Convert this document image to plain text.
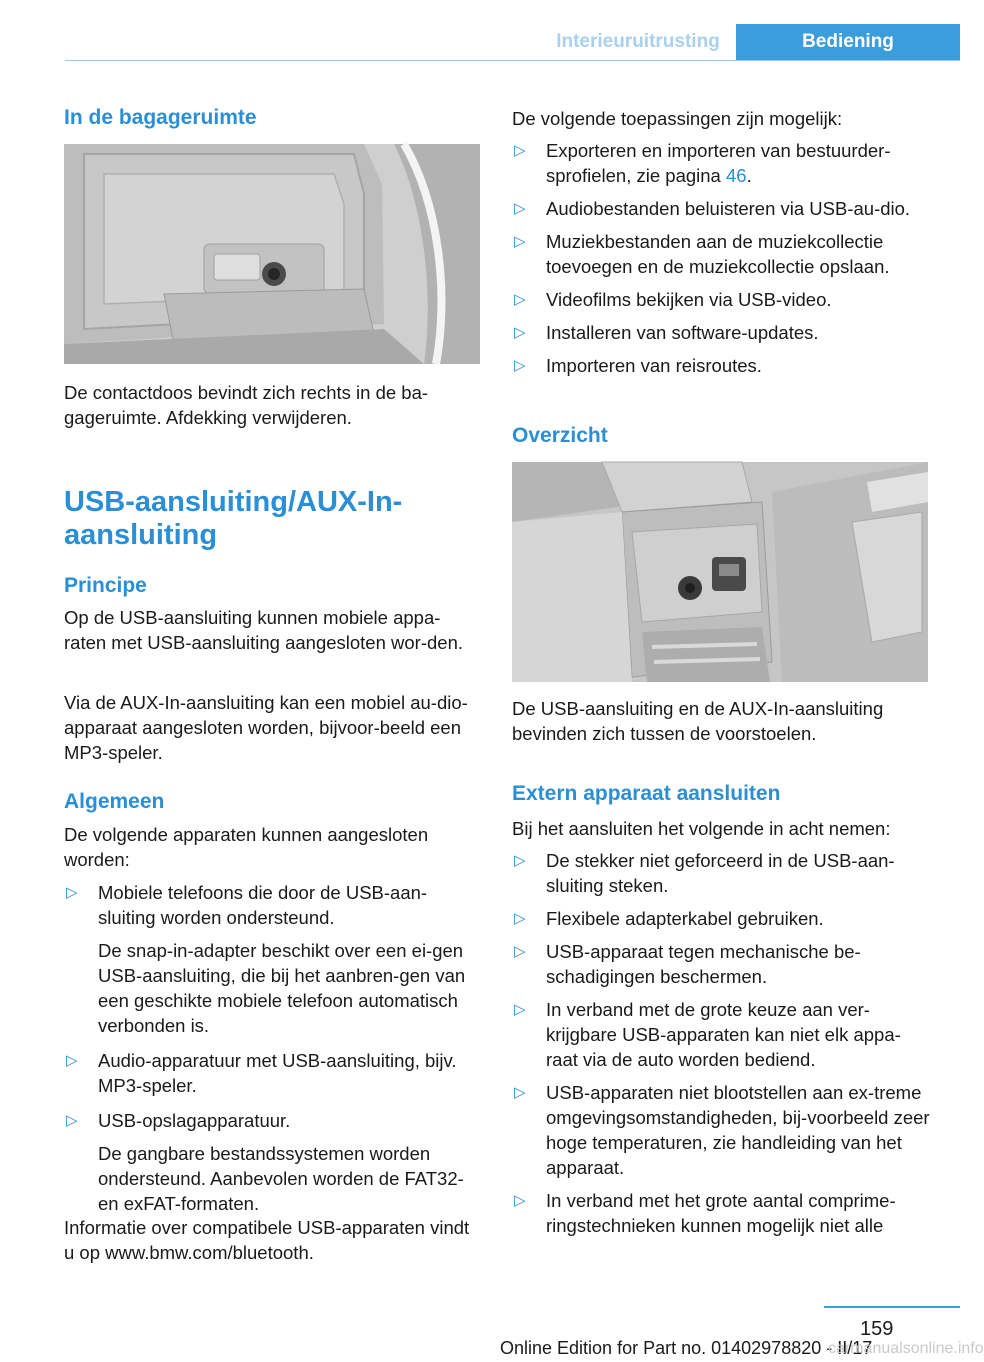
Interieuruitrusting	Bediening
In de bagageruimte

De contactdoos bevindt zich rechts in de ba-gageruimte. Afdekking verwijderen.

USB-aansluiting/AUX-In-
aansluiting
Principe

Op de USB-aansluiting kunnen mobiele appa-raten met USB-aansluiting aangesloten wor-den.

Via de AUX-In-aansluiting kan een mobiel au-dio-apparaat aangesloten worden, bijvoor-beeld een MP3-speler.

Algemeen

De volgende apparaten kunnen aangesloten worden:

▷ Mobiele telefoons die door de USB-aan-sluiting worden ondersteund.
De snap-in-adapter beschikt over een ei-gen USB-aansluiting, die bij het aanbren-gen van een geschikte mobiele telefoon automatisch verbonden is.
▷ Audio-apparatuur met USB-aansluiting, bijv. MP3-speler.
▷ USB-opslagapparatuur.
De gangbare bestandssystemen worden ondersteund. Aanbevolen worden de FAT32- en exFAT-formaten.

Informatie over compatibele USB-apparaten vindt u op www.bmw.com/bluetooth.

De volgende toepassingen zijn mogelijk:

▷ Exporteren en importeren van bestuurder-sprofielen, zie pagina 46.
▷ Audiobestanden beluisteren via USB-au-dio.
▷ Muziekbestanden aan de muziekcollectie toevoegen en de muziekcollectie opslaan.
▷ Videofilms bekijken via USB-video.
▷ Installeren van software-updates.
▷ Importeren van reisroutes.
Overzicht

De USB-aansluiting en de AUX-In-aansluiting bevinden zich tussen de voorstoelen.

Extern apparaat aansluiten

Bij het aansluiten het volgende in acht nemen:

▷ De stekker niet geforceerd in de USB-aan-sluiting steken.
▷ Flexibele adapterkabel gebruiken.
▷ USB-apparaat tegen mechanische be-schadigingen beschermen.
▷ In verband met de grote keuze aan ver-krijgbare USB-apparaten kan niet elk appa-raat via de auto worden bediend.
▷ USB-apparaten niet blootstellen aan ex-treme omgevingsomstandigheden, bij-voorbeeld zeer hoge temperaturen, zie handleiding van het apparaat.
▷ In verband met het grote aantal comprime-ringstechnieken kunnen mogelijk niet alle
159
Online Edition for Part no. 01402978820 - II/17
carmanualsonline.info
